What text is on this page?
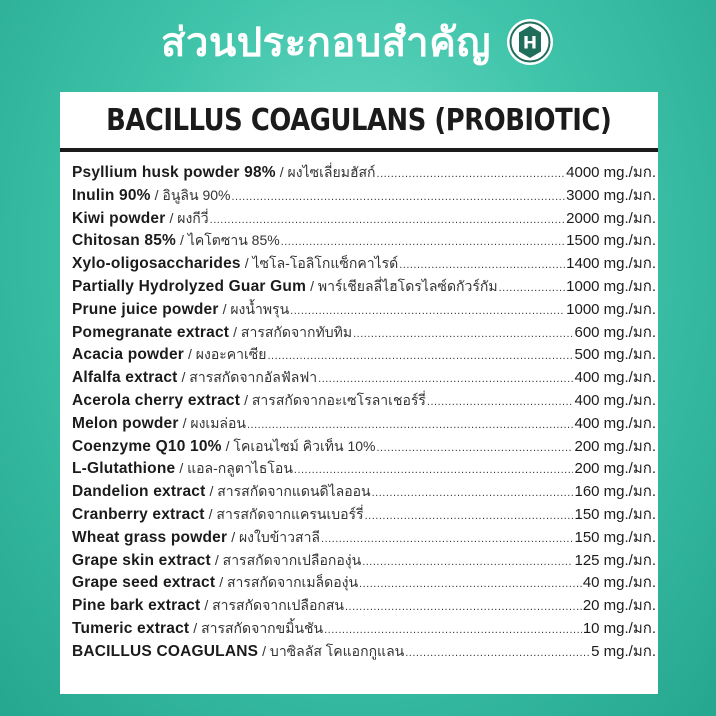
ส่วนประกอบสำคัญ H
BACILLUS COAGULANS (PROBIOTIC)
Psyllium husk powder 98% / ผงไซเลี่ยมฮัสก์ .....	4000 mg./มก.
Inulin 90% / อินูลิน 90% .....	3000 mg./มก.
Kiwi powder / ผงกีวี่ .....	2000 mg./มก.
Chitosan 85% / ไคโตซาน 85% .....	1500 mg./มก.
Xylo-oligosaccharides / ไซโล-โอลิโกแซ็กคาไรด์ .....	1400 mg./มก.
Partially Hydrolyzed Guar Gum / พาร์เชียลลี่ไฮโดรไลซ์ดกัวร์กัม .....	1000 mg./มก.
Prune juice powder / ผงน้ำพรุน .....	1000 mg./มก.
Pomegranate extract / สารสกัดจากทับทิม .....	600 mg./มก.
Acacia powder / ผงอะคาเซีย .....	500 mg./มก.
Alfalfa extract / สารสกัดจากอัลฟัลฟา .....	400 mg./มก.
Acerola cherry extract / สารสกัดจากอะเซโรลาเชอร์รี่ .....	400 mg./มก.
Melon powder / ผงเมล่อน .....	400 mg./มก.
Coenzyme Q10 10% / โคเอนไซม์ คิวเท็น 10% .....	200 mg./มก.
L-Glutathione / แอล-กลูตาไธโอน .....	200 mg./มก.
Dandelion extract / สารสกัดจากแดนดิไลออน .....	160 mg./มก.
Cranberry extract / สารสกัดจากแครนเบอร์รี่ .....	150 mg./มก.
Wheat grass powder / ผงใบข้าวสาลี .....	150 mg./มก.
Grape skin extract / สารสกัดจากเปลือกองุ่น .....	125 mg./มก.
Grape seed extract / สารสกัดจากเมล็ดองุ่น .....	40 mg./มก.
Pine bark extract / สารสกัดจากเปลือกสน .....	20 mg./มก.
Tumeric extract / สารสกัดจากขมิ้นชัน .....	10 mg./มก.
BACILLUS COAGULANS / บาซิลลัส โคแอกกูแลน .....	5 mg./มก.
